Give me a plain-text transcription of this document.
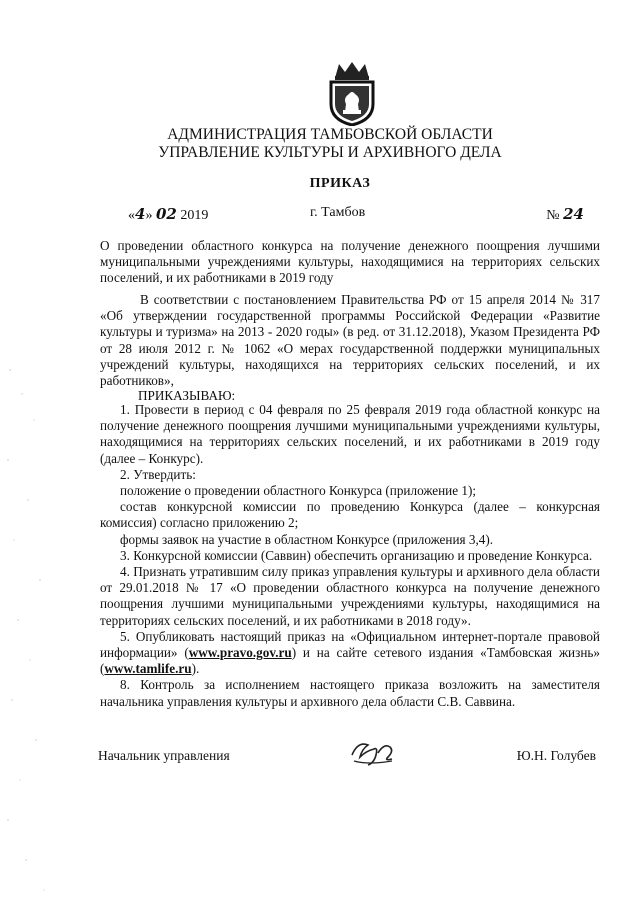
АДМИНИСТРАЦИЯ ТАМБОВСКОЙ ОБЛАСТИ
УПРАВЛЕНИЕ КУЛЬТУРЫ И АРХИВНОГО ДЕЛА
ПРИКАЗ
«4» 02 2019	г. Тамбов	№ 24
О проведении областного конкурса на получение денежного поощрения лучшими муниципальными учреждениями культуры, находящимися на территориях сельских поселений, и их работниками в 2019 году

В соответствии с постановлением Правительства РФ от 15 апреля 2014 № 317 «Об утверждении государственной программы Российской Федерации «Развитие культуры и туризма» на 2013 - 2020 годы» (в ред. от 31.12.2018), Указом Президента РФ от 28 июля 2012 г. № 1062 «О мерах государственной поддержки муниципальных учреждений культуры, находящихся на территориях сельских поселений, и их работников»,

ПРИКАЗЫВАЮ:

1. Провести в период с 04 февраля по 25 февраля 2019 года областной конкурс на получение денежного поощрения лучшими муниципальными учреждениями культуры, находящимися на территориях сельских поселений, и их работниками в 2019 году (далее – Конкурс).

2. Утвердить:

положение о проведении областного Конкурса (приложение 1);

состав конкурсной комиссии по проведению Конкурса (далее – конкурсная комиссия) согласно приложению 2;

формы заявок на участие в областном Конкурсе (приложения 3,4).

3. Конкурсной комиссии (Саввин) обеспечить организацию и проведение Конкурса.

4. Признать утратившим силу приказ управления культуры и архивного дела области от 29.01.2018 № 17 «О проведении областного конкурса на получение денежного поощрения лучшими муниципальными учреждениями культуры, находящимися на территориях сельских поселений, и их работниками в 2018 году».

5. Опубликовать настоящий приказ на «Официальном интернет-портале правовой информации» (www.pravo.gov.ru) и на сайте сетевого издания «Тамбовская жизнь» (www.tamlife.ru).

8. Контроль за исполнением настоящего приказа возложить на заместителя начальника управления культуры и архивного дела области С.В. Саввина.

Начальник управления	Ю.Н. Голубев
